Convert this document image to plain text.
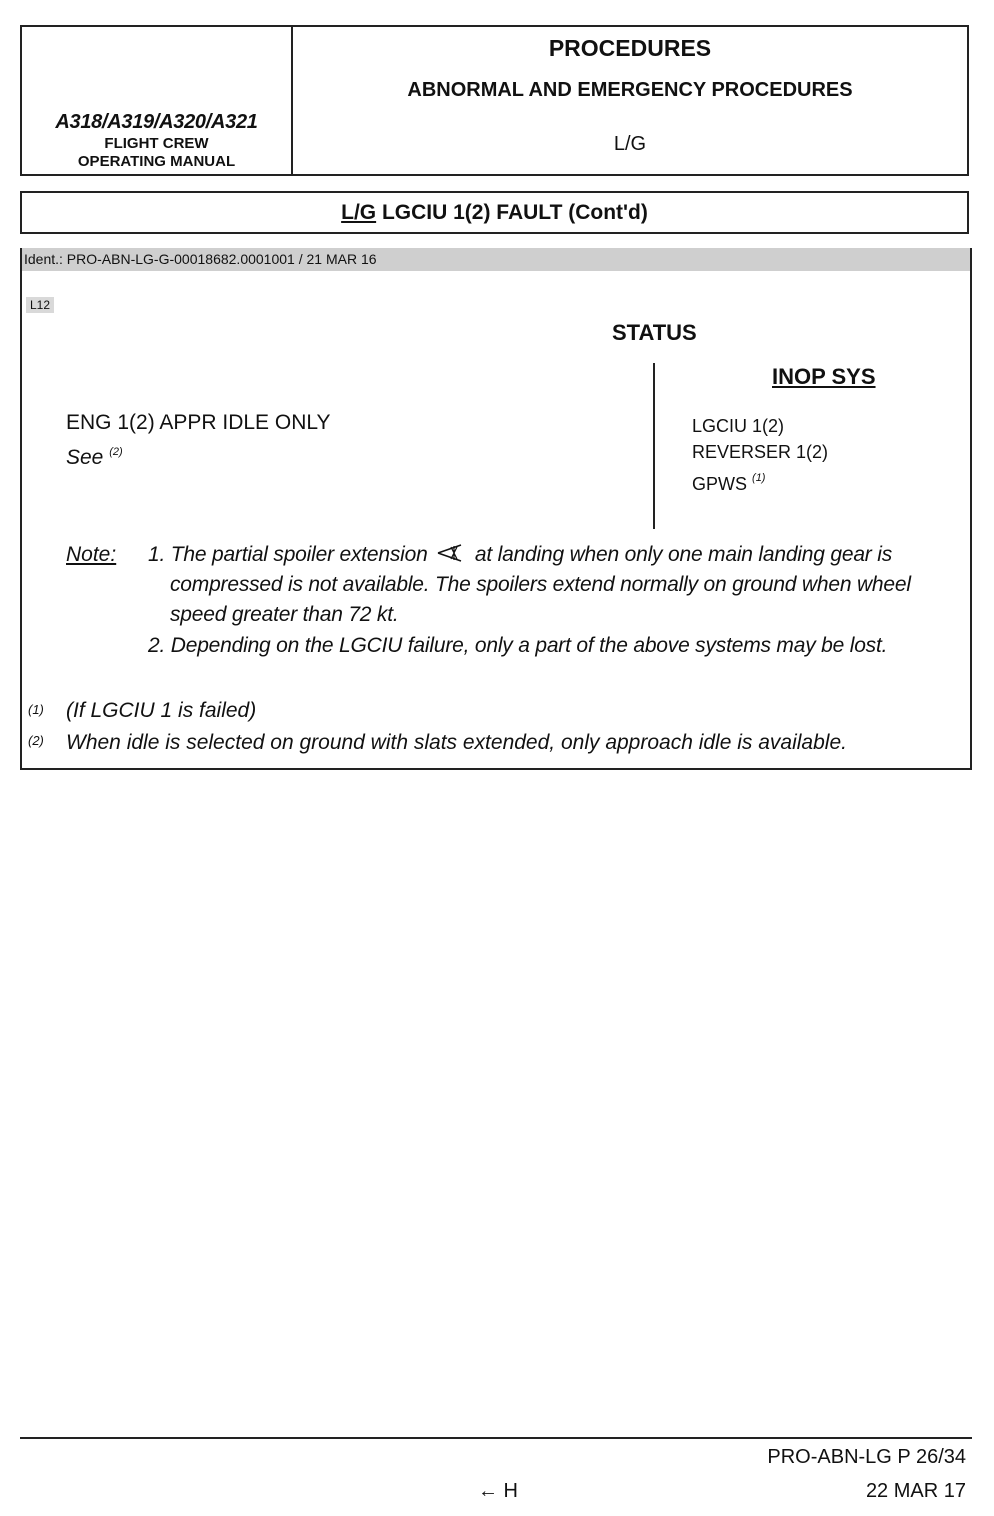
A318/A319/A320/A321
FLIGHT CREW
OPERATING MANUAL
PROCEDURES
ABNORMAL AND EMERGENCY PROCEDURES
L/G
L/G LGCIU 1(2) FAULT (Cont'd)
Ident.: PRO-ABN-LG-G-00018682.0001001 / 21 MAR 16
L12
STATUS
INOP SYS
LGCIU 1(2)
REVERSER 1(2)
GPWS $^{(1)}$
ENG 1(2) APPR IDLE ONLY
See $^{(2)}$
Note: 1. The partial spoiler extension at landing when only one main landing gear is
compressed is not available. The spoilers extend normally on ground when wheel
speed greater than 72 kt.
2. Depending on the LGCIU failure, only a part of the above systems may be lost.
(1) (If LGCIU 1 is failed)
(2) When idle is selected on ground with slats extended, only approach idle is available.
PRO-ABN-LG P 26/34
← H	22 MAR 17
